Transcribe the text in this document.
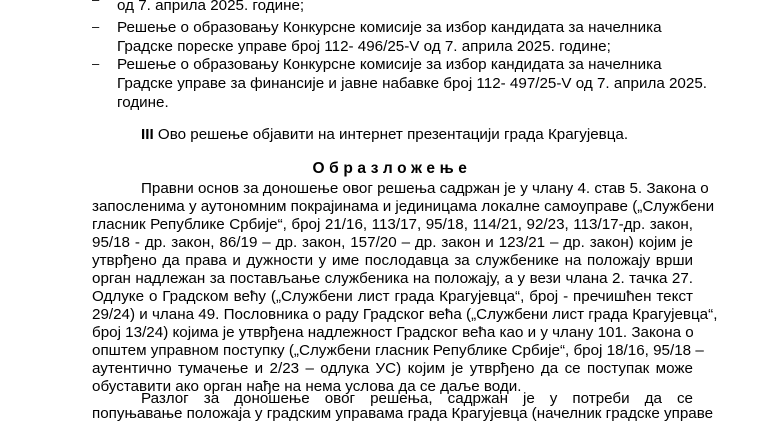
од 7. априла 2025. године;
– Решење о образовању Конкурсне комисије за избор кандидата за начелника
Градске пореске управе број 112- 496/25-V од 7. априла 2025. године;
– Решење о образовању Конкурсне комисије за избор кандидата за начелника
Градске управе за финансије и јавне набавке број 112- 497/25-V од 7. априла 2025.
године.
III Ово решење објавити на интернет презентацији града Крагујевца.
Образложење
Правни основ за доношење овог решења садржан је у члану 4. став 5. Закона о
запосленима у аутономним покрајинама и јединицама локалне самоуправе („Службени
гласник Републике Србије“, број 21/16, 113/17, 95/18, 114/21, 92/23, 113/17-др. закон,
95/18 - др. закон, 86/19 – др. закон, 157/20 – др. закон и 123/21 – др. закон) којим је
утврђено да права и дужности у име послодавца за службенике на положају врши
орган надлежан за постављање службеника на положају, а у вези члана 2. тачка 27.
Одлуке о Градском већу („Службени лист града Крагујевца“, број - пречишћен текст
29/24) и члана 49. Пословника о раду Градског већа („Службени лист града Крагујевца“,
број 13/24) којима је утврђена надлежност Градског већа као и у члану 101. Закона о
општем управном поступку („Службени гласник Републике Србије“, број 18/16, 95/18 –
аутентично тумачење и 2/23 – одлука УС) којим је утврђено да се поступак може
обуставити ако орган нађе на нема услова да се даље води.
Разлог за доношење овог решења, садржан је у потреби да се
попуњавање положаја у градским управама града Крагујевца (начелник градске управе
